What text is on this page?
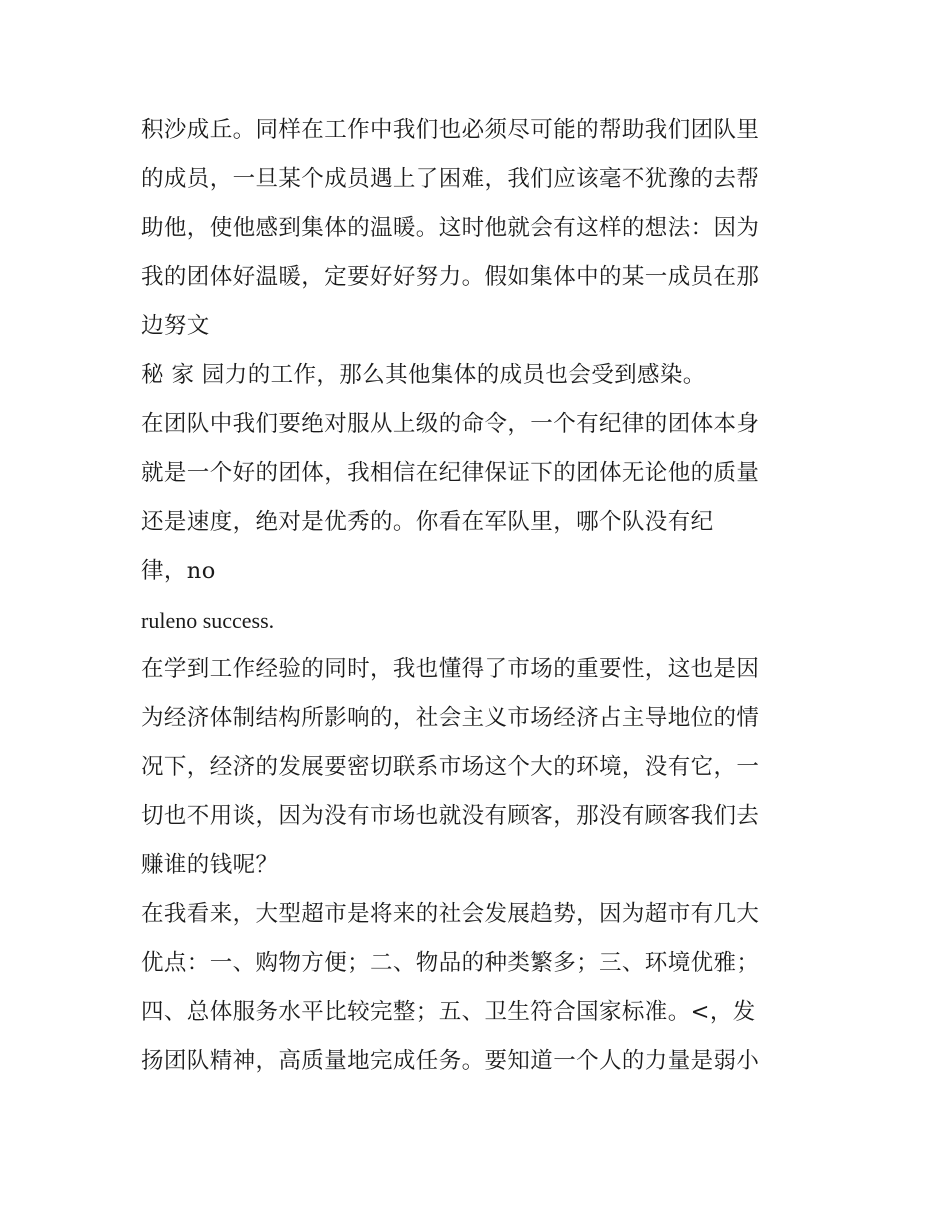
积沙成丘。同样在工作中我们也必须尽可能的帮助我们团队里
的成员，一旦某个成员遇上了困难，我们应该毫不犹豫的去帮
助他，使他感到集体的温暖。这时他就会有这样的想法：因为
我的团体好温暖，定要好好努力。假如集体中的某一成员在那
边努文
秘 家 园力的工作，那么其他集体的成员也会受到感染。
在团队中我们要绝对服从上级的命令，一个有纪律的团体本身
就是一个好的团体，我相信在纪律保证下的团体无论他的质量
还是速度，绝对是优秀的。你看在军队里，哪个队没有纪
律，no
ruleno success.
在学到工作经验的同时，我也懂得了市场的重要性，这也是因
为经济体制结构所影响的，社会主义市场经济占主导地位的情
况下，经济的发展要密切联系市场这个大的环境，没有它，一
切也不用谈，因为没有市场也就没有顾客，那没有顾客我们去
赚谁的钱呢？
在我看来，大型超市是将来的社会发展趋势，因为超市有几大
优点：一、购物方便；二、物品的种类繁多；三、环境优雅；
四、总体服务水平比较完整；五、卫生符合国家标准。<，发
扬团队精神，高质量地完成任务。要知道一个人的力量是弱小
